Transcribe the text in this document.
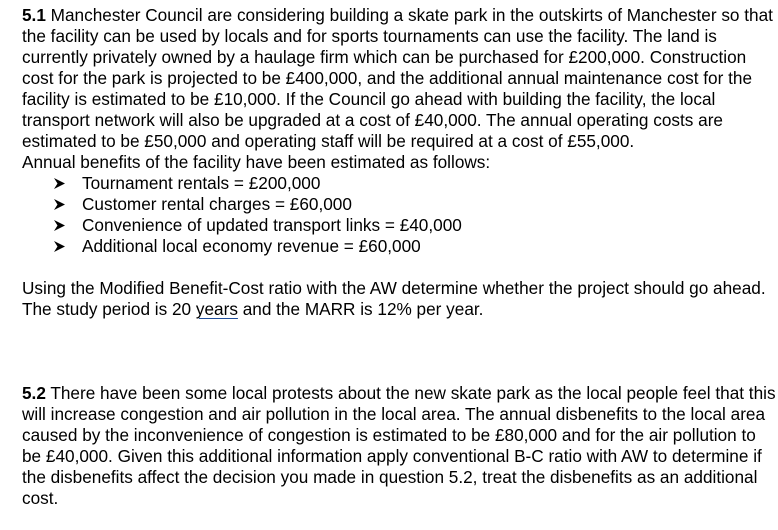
5.1 Manchester Council are considering building a skate park in the outskirts of Manchester so that the facility can be used by locals and for sports tournaments can use the facility. The land is currently privately owned by a haulage firm which can be purchased for £200,000. Construction cost for the park is projected to be £400,000, and the additional annual maintenance cost for the facility is estimated to be £10,000. If the Council go ahead with building the facility, the local transport network will also be upgraded at a cost of £40,000. The annual operating costs are estimated to be £50,000 and operating staff will be required at a cost of £55,000.

Annual benefits of the facility have been estimated as follows:

Tournament rentals = £200,000
Customer rental charges = £60,000
Convenience of updated transport links = £40,000
Additional local economy revenue = £60,000

Using the Modified Benefit-Cost ratio with the AW determine whether the project should go ahead. The study period is 20 years and the MARR is 12% per year.

5.2 There have been some local protests about the new skate park as the local people feel that this will increase congestion and air pollution in the local area. The annual disbenefits to the local area caused by the inconvenience of congestion is estimated to be £80,000 and for the air pollution to be £40,000. Given this additional information apply conventional B-C ratio with AW to determine if the disbenefits affect the decision you made in question 5.2, treat the disbenefits as an additional cost.
